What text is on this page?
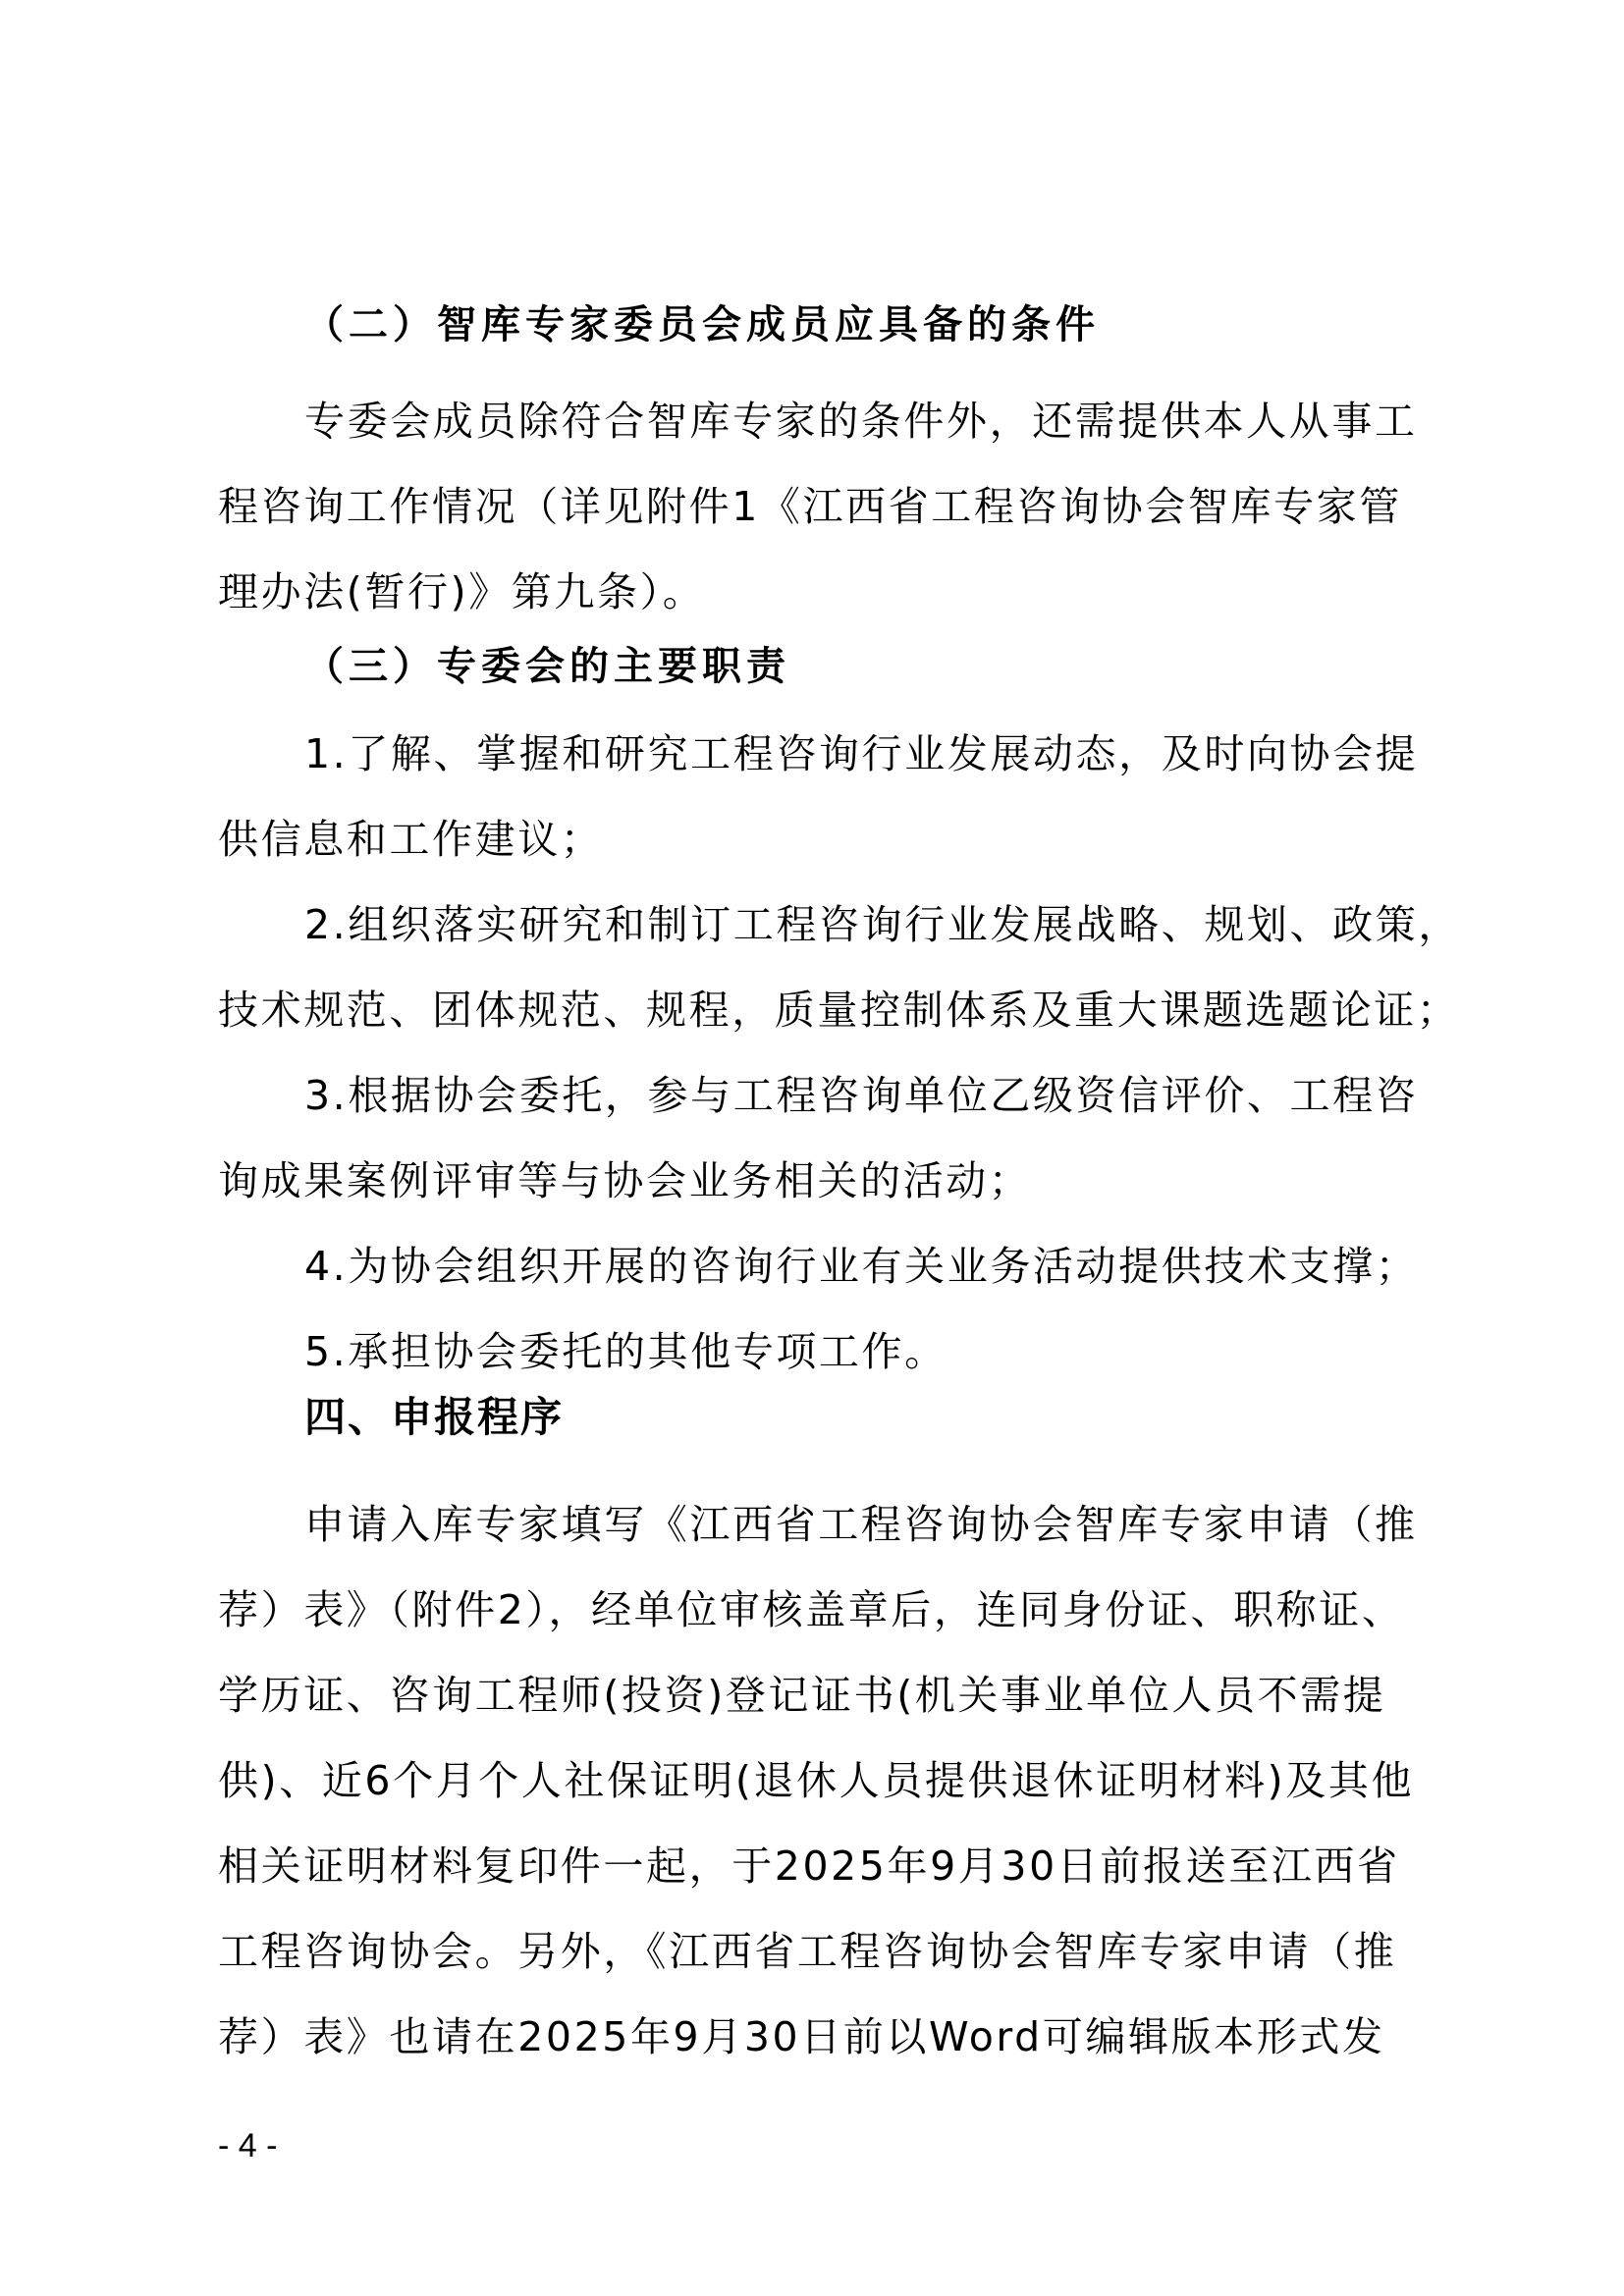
（二）智库专家委员会成员应具备的条件
专委会成员除符合智库专家的条件外，还需提供本人从事工
程咨询工作情况（详见附件1《江西省工程咨询协会智库专家管
理办法(暂行)》第九条）。
（三）专委会的主要职责
1.了解、掌握和研究工程咨询行业发展动态，及时向协会提
供信息和工作建议；
2.组织落实研究和制订工程咨询行业发展战略、规划、政策，
技术规范、团体规范、规程，质量控制体系及重大课题选题论证；
3.根据协会委托，参与工程咨询单位乙级资信评价、工程咨
询成果案例评审等与协会业务相关的活动；
4.为协会组织开展的咨询行业有关业务活动提供技术支撑；
5.承担协会委托的其他专项工作。
四、申报程序
申请入库专家填写《江西省工程咨询协会智库专家申请（推
荐）表》（附件2），经单位审核盖章后，连同身份证、职称证、
学历证、咨询工程师(投资)登记证书(机关事业单位人员不需提
供)、近6个月个人社保证明(退休人员提供退休证明材料)及其他
相关证明材料复印件一起，于2025年9月30日前报送至江西省
工程咨询协会。另外，《江西省工程咨询协会智库专家申请（推
荐）表》也请在2025年9月30日前以Word可编辑版本形式发
- 4 -
